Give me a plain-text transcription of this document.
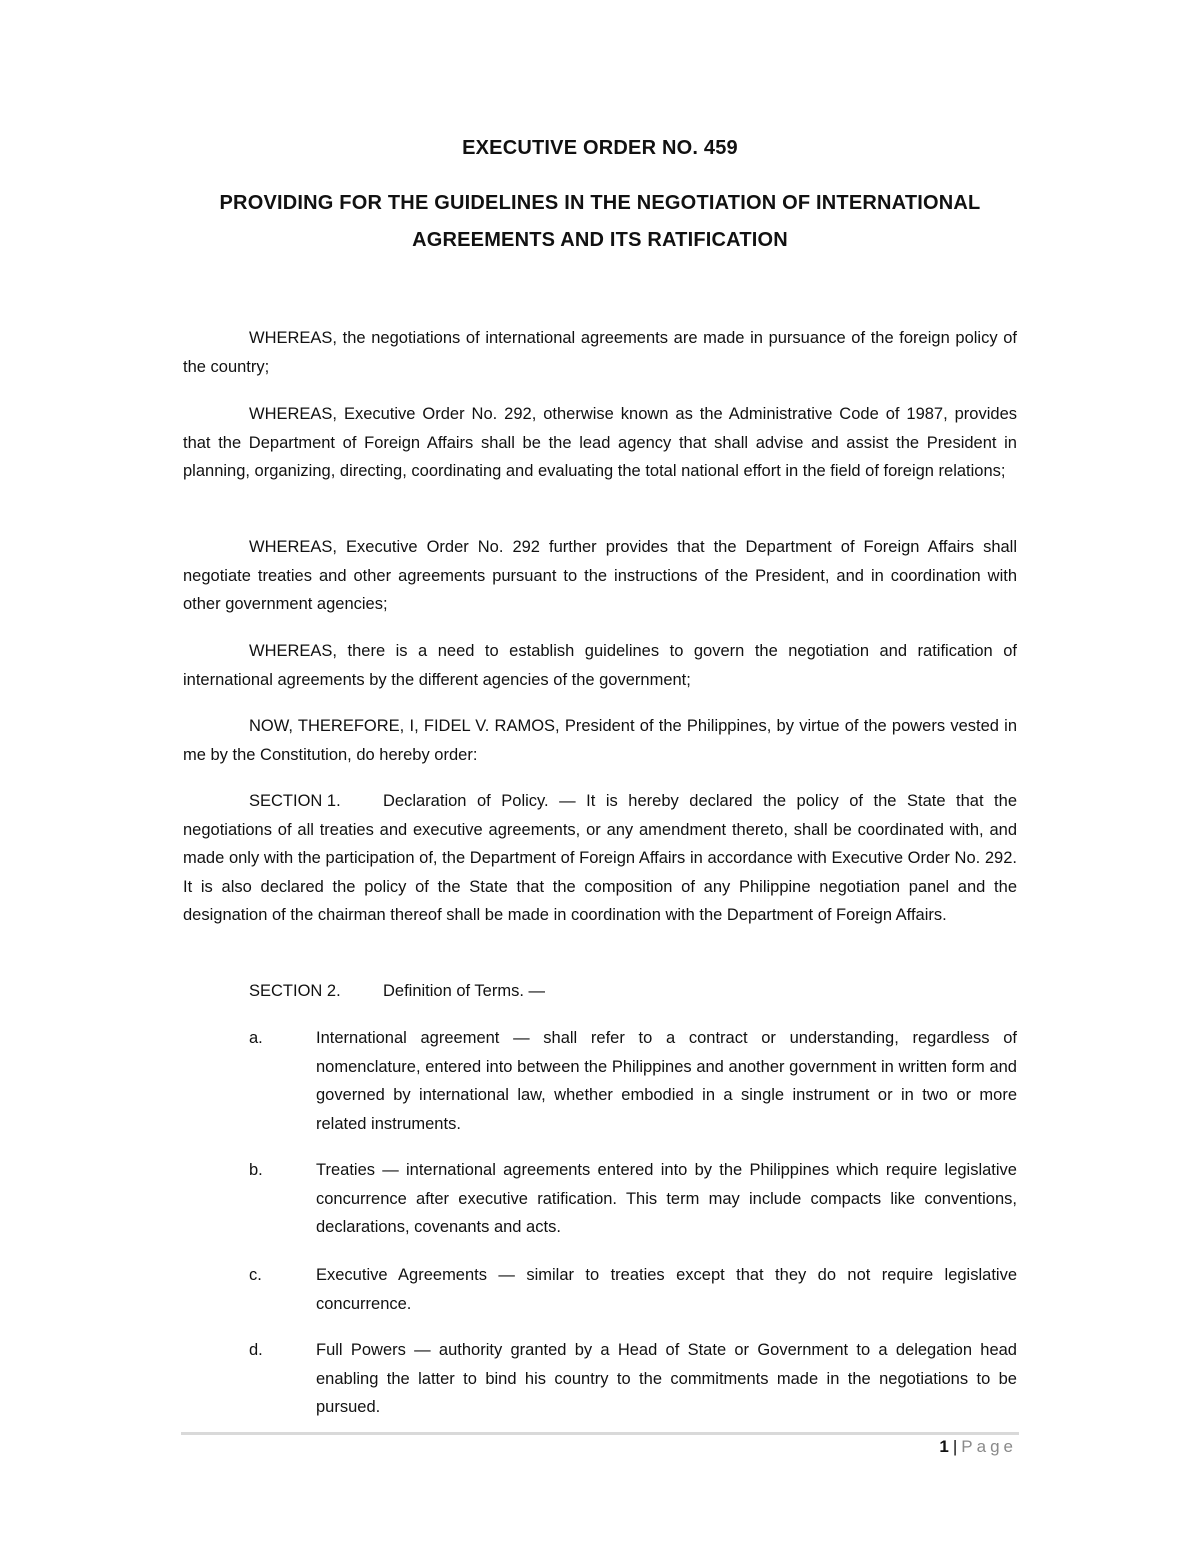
EXECUTIVE ORDER NO. 459
PROVIDING FOR THE GUIDELINES IN THE NEGOTIATION OF INTERNATIONAL
AGREEMENTS AND ITS RATIFICATION

WHEREAS, the negotiations of international agreements are made in pursuance of the foreign policy of the country;

WHEREAS, Executive Order No. 292, otherwise known as the Administrative Code of 1987, provides that the Department of Foreign Affairs shall be the lead agency that shall advise and assist the President in planning, organizing, directing, coordinating and evaluating the total national effort in the field of foreign relations;

WHEREAS, Executive Order No. 292 further provides that the Department of Foreign Affairs shall negotiate treaties and other agreements pursuant to the instructions of the President, and in coordination with other government agencies;

WHEREAS, there is a need to establish guidelines to govern the negotiation and ratification of international agreements by the different agencies of the government;

NOW, THEREFORE, I, FIDEL V. RAMOS, President of the Philippines, by virtue of the powers vested in me by the Constitution, do hereby order:

SECTION 1.	Declaration of Policy. — It is hereby declared the policy of the State that the negotiations of all treaties and executive agreements, or any amendment thereto, shall be coordinated with, and made only with the participation of, the Department of Foreign Affairs in accordance with Executive Order No. 292. It is also declared the policy of the State that the composition of any Philippine negotiation panel and the designation of the chairman thereof shall be made in coordination with the Department of Foreign Affairs.

SECTION 2.	Definition of Terms. —
a.	International agreement — shall refer to a contract or understanding, regardless of nomenclature, entered into between the Philippines and another government in written form and governed by international law, whether embodied in a single instrument or in two or more related instruments.
b.	Treaties — international agreements entered into by the Philippines which require legislative concurrence after executive ratification. This term may include compacts like conventions, declarations, covenants and acts.
c.	Executive Agreements — similar to treaties except that they do not require legislative concurrence.
d.	Full Powers — authority granted by a Head of State or Government to a delegation head enabling the latter to bind his country to the commitments made in the negotiations to be pursued.
1 | Page
